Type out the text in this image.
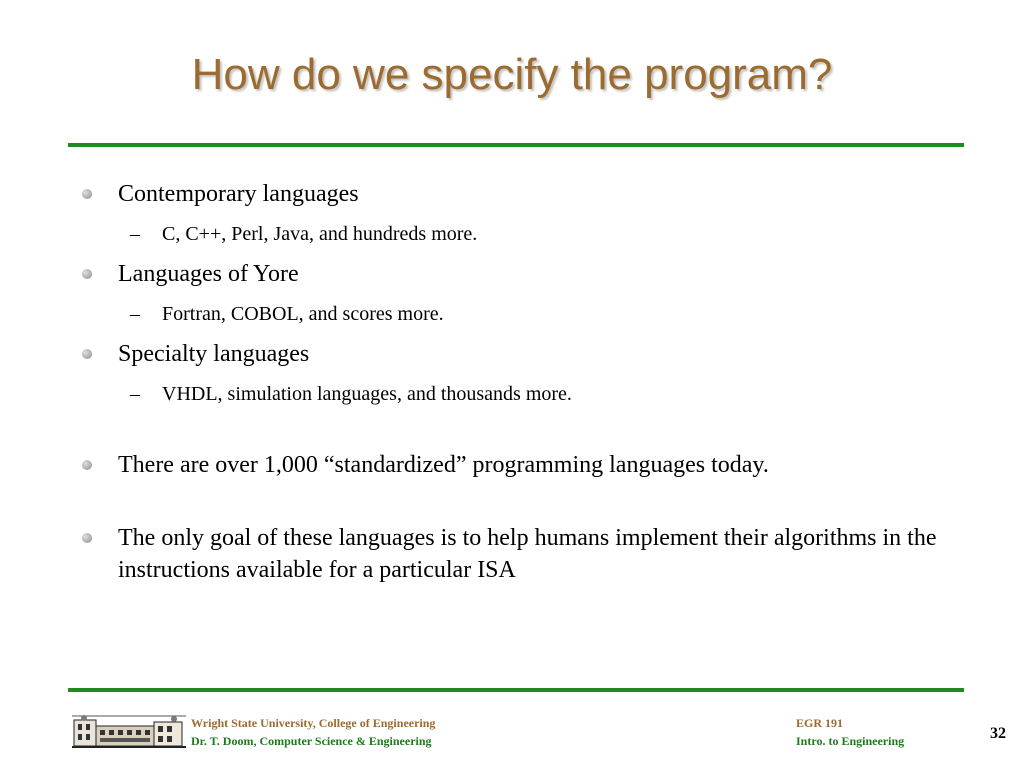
How do we specify the program?
Contemporary languages
– C, C++, Perl, Java, and hundreds more.
Languages of Yore
– Fortran, COBOL, and scores more.
Specialty languages
– VHDL, simulation languages, and thousands more.
There are over 1,000 “standardized” programming languages today.
The only goal of these languages is to help humans implement their algorithms in the instructions available for a particular ISA
Wright State University, College of Engineering
Dr. T. Doom, Computer Science & Engineering
EGR 191
Intro. to Engineering	32
